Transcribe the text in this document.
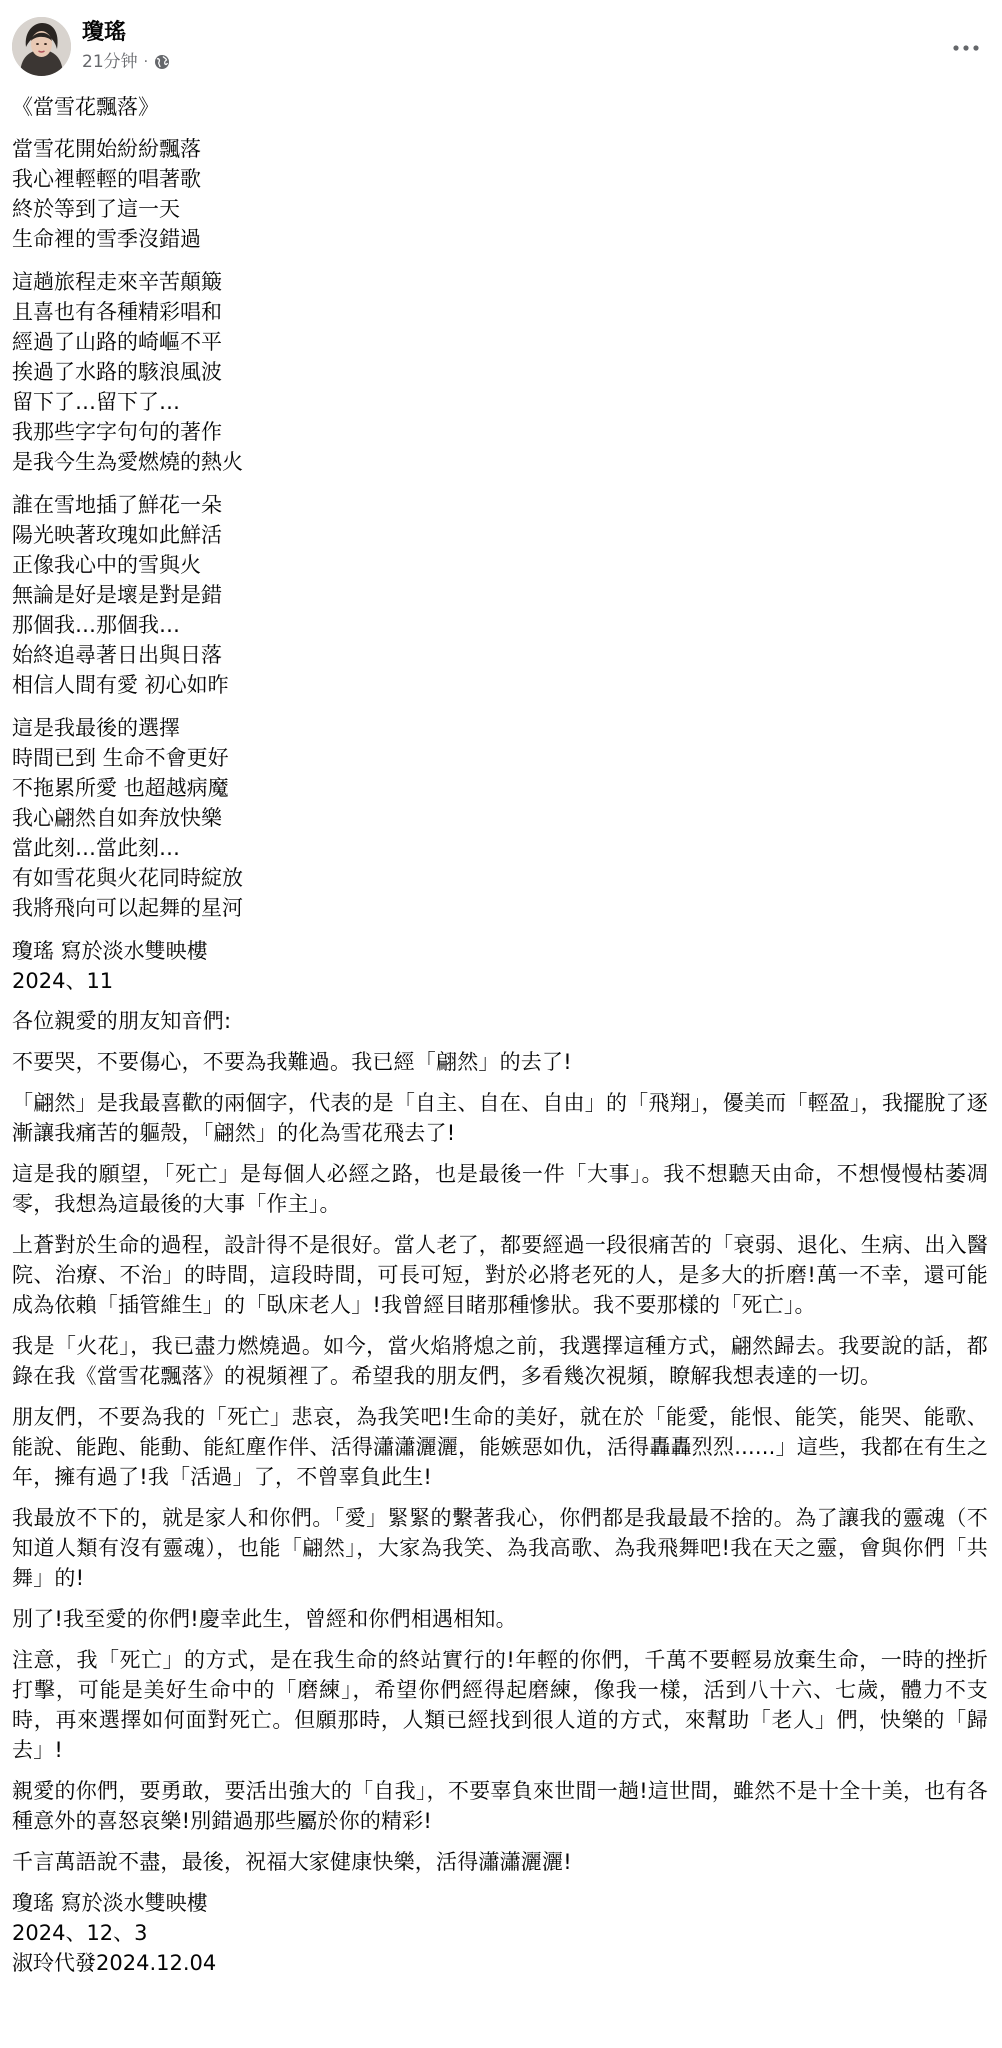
瓊瑤
21分钟 ·
《當雪花飄落》
當雪花開始紛紛飄落
我心裡輕輕的唱著歌
終於等到了這一天
生命裡的雪季沒錯過
這趟旅程走來辛苦顛簸
且喜也有各種精彩唱和
經過了山路的崎嶇不平
挨過了水路的駭浪風波
留下了…留下了…
我那些字字句句的著作
是我今生為愛燃燒的熱火
誰在雪地插了鮮花一朵
陽光映著玫瑰如此鮮活
正像我心中的雪與火
無論是好是壞是對是錯
那個我…那個我…
始終追尋著日出與日落
相信人間有愛 初心如昨
這是我最後的選擇
時間已到 生命不會更好
不拖累所愛 也超越病魔
我心翩然自如奔放快樂
當此刻…當此刻…
有如雪花與火花同時綻放
我將飛向可以起舞的星河
瓊瑤 寫於淡水雙映樓
2024、11

各位親愛的朋友知音們:

不要哭，不要傷心，不要為我難過。我已經「翩然」的去了!

「翩然」是我最喜歡的兩個字，代表的是「自主、自在、自由」的「飛翔」，優美而「輕盈」，我擺脫了逐漸讓我痛苦的軀殼，「翩然」的化為雪花飛去了!

這是我的願望，「死亡」是每個人必經之路，也是最後一件「大事」。我不想聽天由命，不想慢慢枯萎凋零，我想為這最後的大事「作主」。

上蒼對於生命的過程，設計得不是很好。當人老了，都要經過一段很痛苦的「衰弱、退化、生病、出入醫院、治療、不治」的時間，這段時間，可長可短，對於必將老死的人，是多大的折磨!萬一不幸，還可能成為依賴「插管維生」的「臥床老人」!我曾經目睹那種慘狀。我不要那樣的「死亡」。

我是「火花」，我已盡力燃燒過。如今，當火焰將熄之前，我選擇這種方式，翩然歸去。我要說的話，都錄在我《當雪花飄落》的視頻裡了。希望我的朋友們，多看幾次視頻，瞭解我想表達的一切。

朋友們，不要為我的「死亡」悲哀，為我笑吧!生命的美好，就在於「能愛，能恨、能笑，能哭、能歌、能說、能跑、能動、能紅塵作伴、活得瀟瀟灑灑，能嫉惡如仇，活得轟轟烈烈......」這些，我都在有生之年，擁有過了!我「活過」了，不曾辜負此生!

我最放不下的，就是家人和你們。「愛」緊緊的繫著我心，你們都是我最最不捨的。為了讓我的靈魂（不知道人類有沒有靈魂），也能「翩然」，大家為我笑、為我高歌、為我飛舞吧!我在天之靈，會與你們「共舞」的!

別了!我至愛的你們!慶幸此生，曾經和你們相遇相知。

注意，我「死亡」的方式，是在我生命的終站實行的!年輕的你們，千萬不要輕易放棄生命，一時的挫折打擊，可能是美好生命中的「磨練」，希望你們經得起磨練，像我一樣，活到八十六、七歲，體力不支時，再來選擇如何面對死亡。但願那時，人類已經找到很人道的方式，來幫助「老人」們，快樂的「歸去」!

親愛的你們，要勇敢，要活出強大的「自我」，不要辜負來世間一趟!這世間，雖然不是十全十美，也有各種意外的喜怒哀樂!別錯過那些屬於你的精彩!

千言萬語說不盡，最後，祝福大家健康快樂，活得瀟瀟灑灑!

瓊瑤 寫於淡水雙映樓
2024、12、3
淑玲代發2024.12.04
